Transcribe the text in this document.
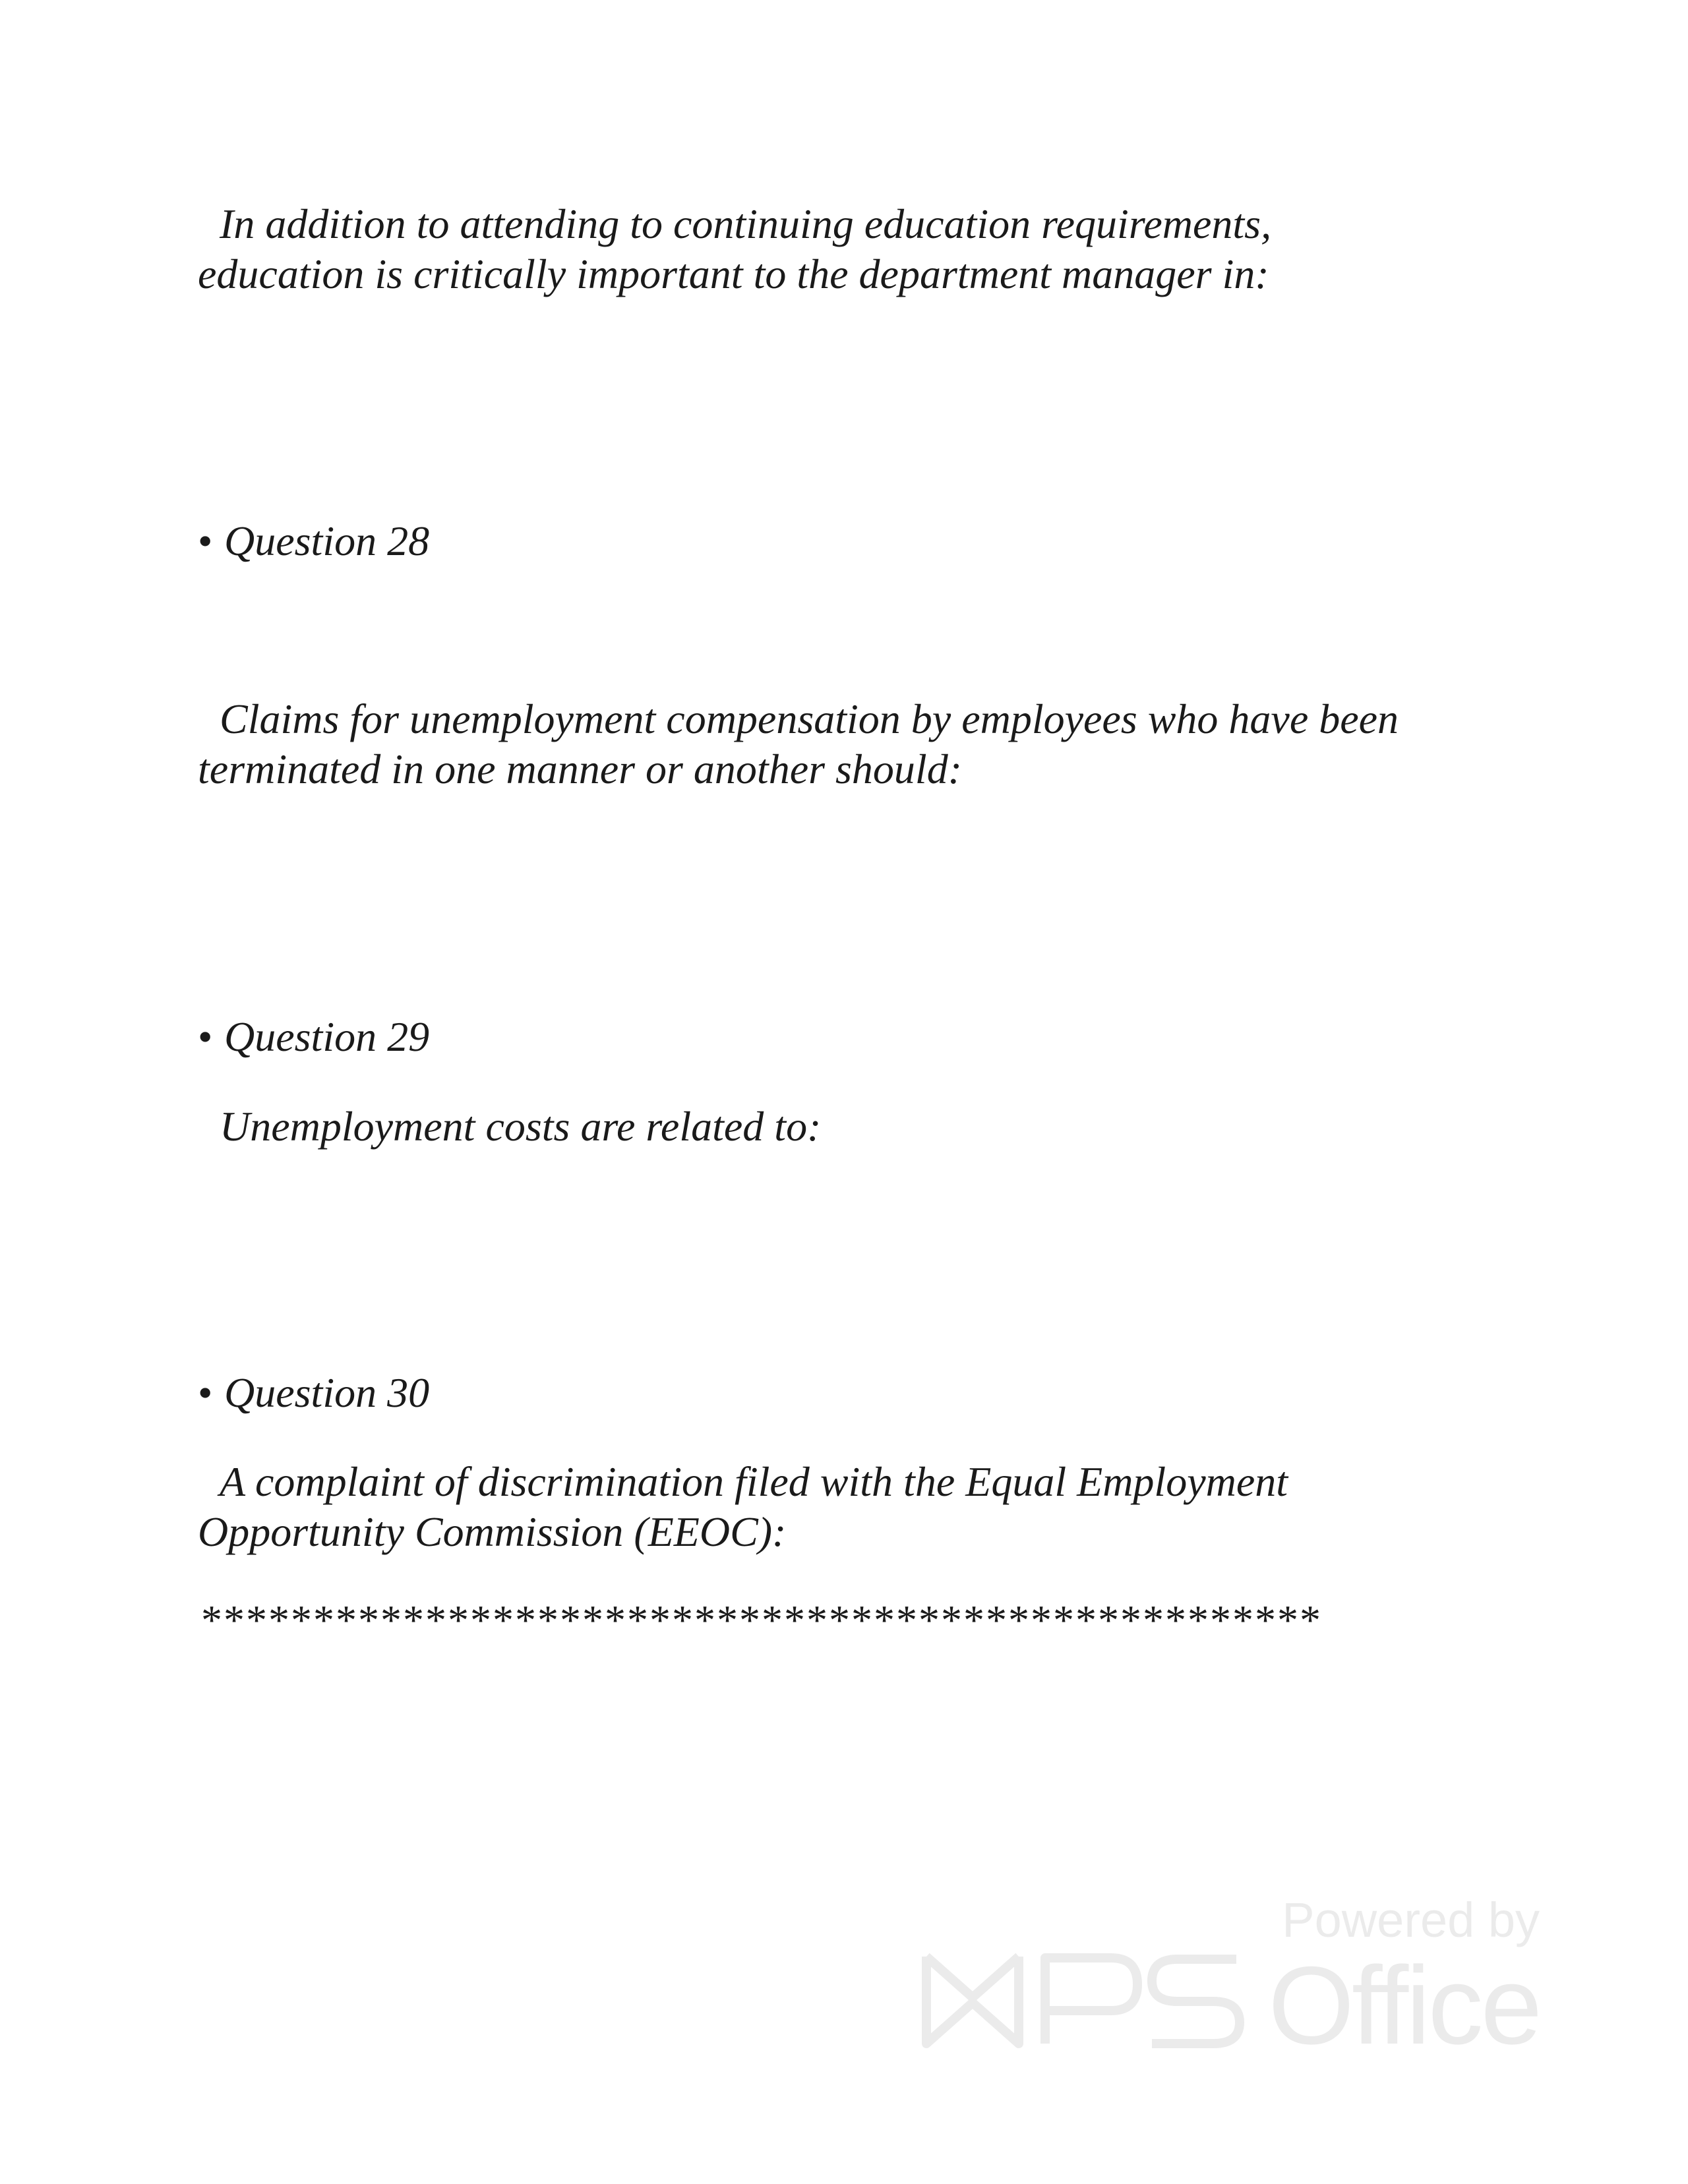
In addition to attending to continuing education requirements,

education is critically important to the department manager in:

• Question 28

Claims for unemployment compensation by employees who have been

terminated in one manner or another should:

• Question 29

Unemployment costs are related to:

• Question 30

A complaint of discrimination filed with the Equal Employment

Opportunity Commission (EEOC):

**************************************************

Powered by
Office
